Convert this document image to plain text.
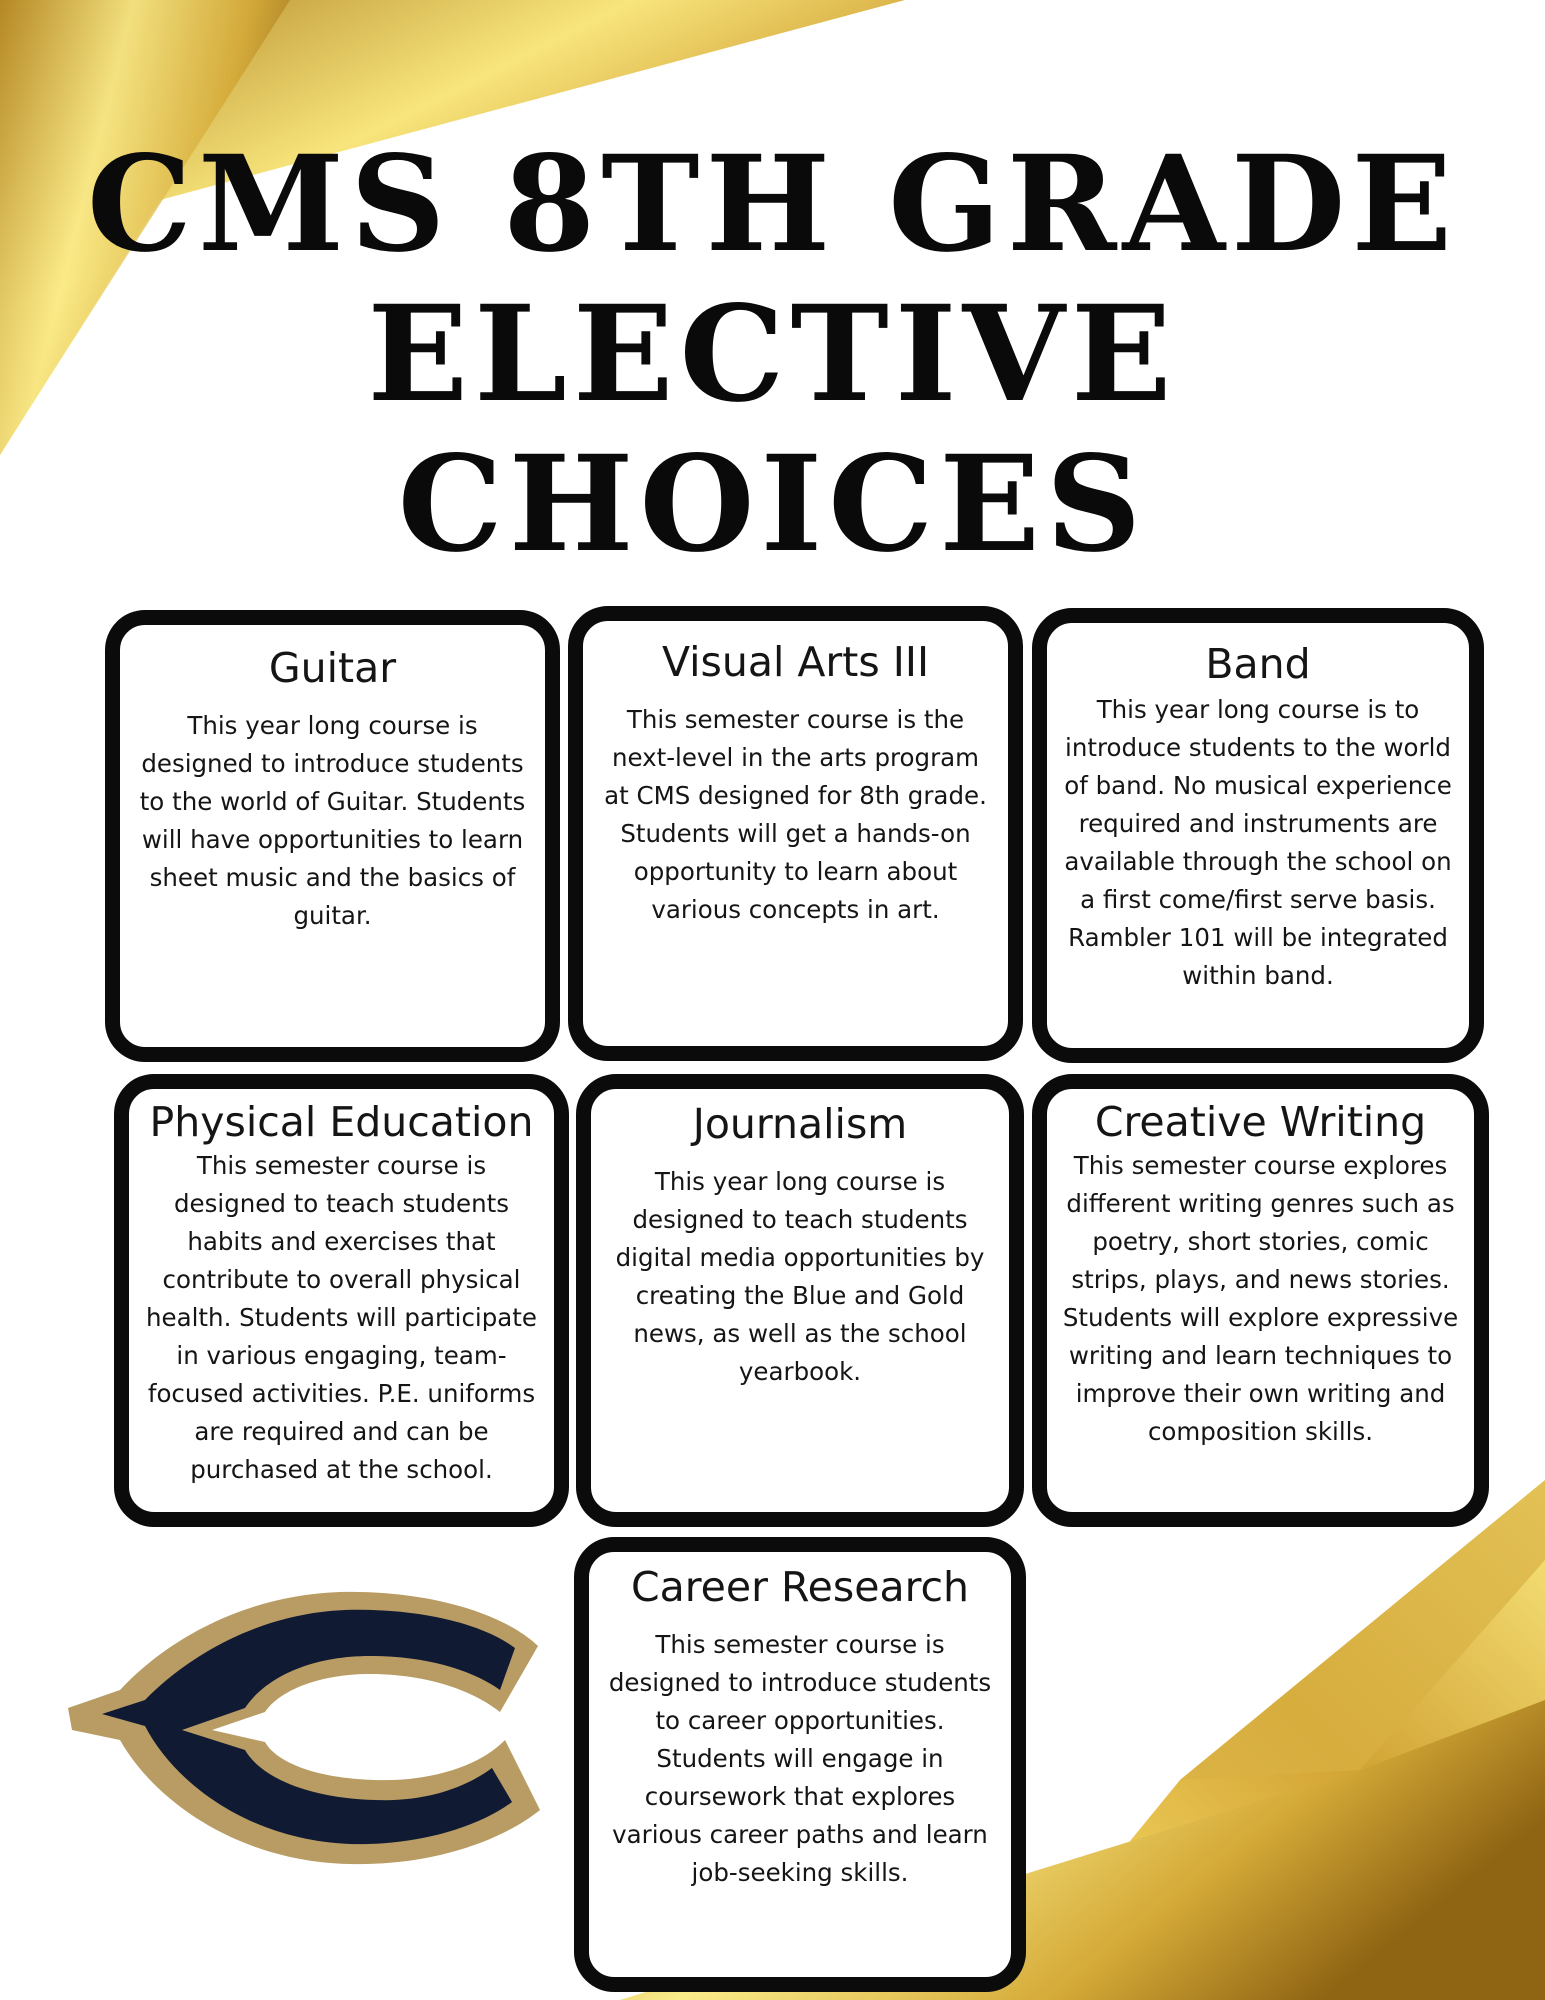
CMS 8TH GRADE
ELECTIVE CHOICES
Guitar

This year long course is designed to introduce students to the world of Guitar. Students will have opportunities to learn sheet music and the basics of guitar.

Visual Arts III

This semester course is the next-level in the arts program at CMS designed for 8th grade. Students will get a hands-on opportunity to learn about various concepts in art.

Band

This year long course is to introduce students to the world of band. No musical experience required and instruments are available through the school on a first come/first serve basis. Rambler 101 will be integrated within band.

Physical Education

This semester course is designed to teach students habits and exercises that contribute to overall physical health. Students will participate in various engaging, team-focused activities. P.E. uniforms are required and can be purchased at the school.

Journalism

This year long course is designed to teach students digital media opportunities by creating the Blue and Gold news, as well as the school yearbook.

Creative Writing

This semester course explores different writing genres such as poetry, short stories, comic strips, plays, and news stories. Students will explore expressive writing and learn techniques to improve their own writing and composition skills.

Career Research

This semester course is designed to introduce students to career opportunities. Students will engage in coursework that explores various career paths and learn job-seeking skills.
